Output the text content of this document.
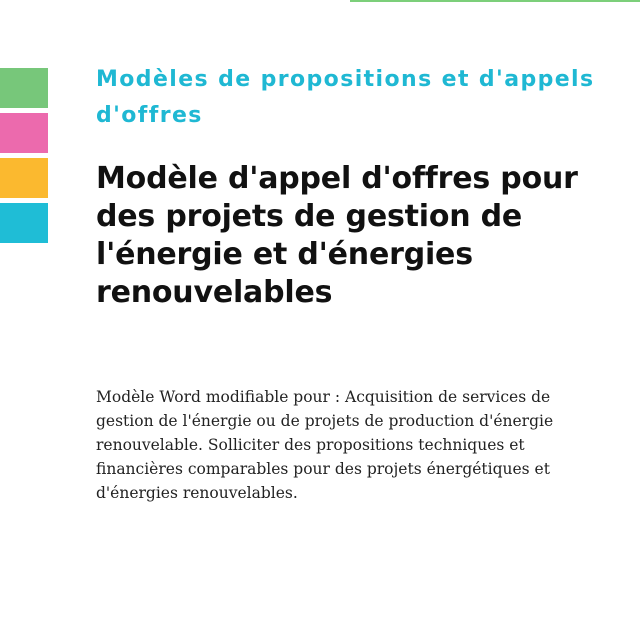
Modèles de propositions et d'appels d'offres
Modèle d'appel d'offres pour des projets de gestion de l'énergie et d'énergies renouvelables

Modèle Word modifiable pour : Acquisition de services de gestion de l'énergie ou de projets de production d'énergie renouvelable. Solliciter des propositions techniques et financières comparables pour des projets énergétiques et d'énergies renouvelables.
